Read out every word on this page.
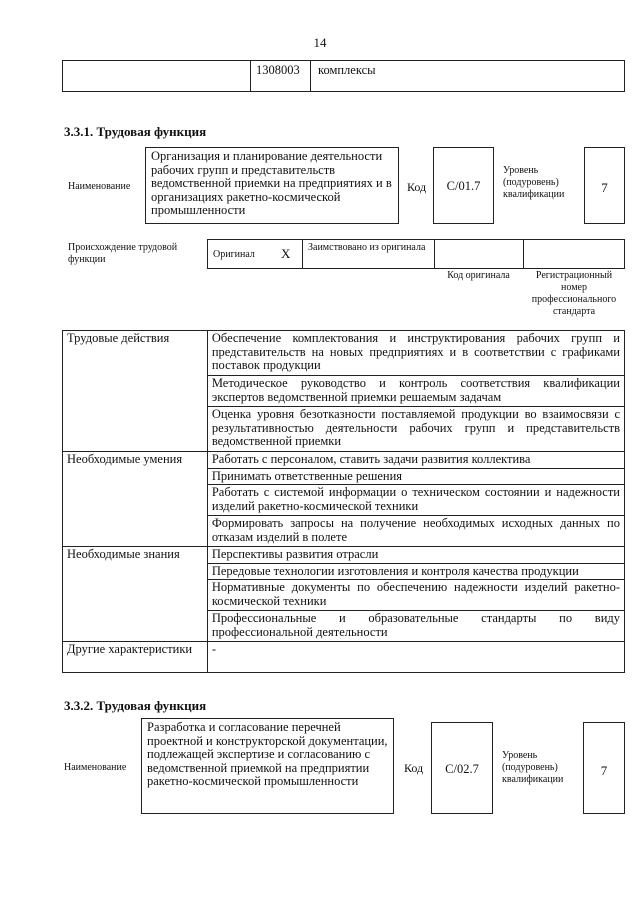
14
1308003 комплексы
3.3.1. Трудовая функция
Наименование
Организация и планирование деятельности рабочих групп и представительств ведомственной приемки на предприятиях и в организациях ракетно-космической промышленности
Код	C/01.7
Уровень (подуровень) квалификации	7
Происхождение трудовой функции	Оригинал X Заимствовано из оригинала
Код оригинала	Регистрационный номер профессионального стандарта
Трудовые действия	Обеспечение комплектования и инструктирования рабочих групп и представительств на новых предприятиях и в соответствии с графиками поставок продукции
	Методическое руководство и контроль соответствия квалификации экспертов ведомственной приемки решаемым задачам
	Оценка уровня безотказности поставляемой продукции во взаимосвязи с результативностью деятельности рабочих групп и представительств ведомственной приемки
Необходимые умения	Работать с персоналом, ставить задачи развития коллектива
	Принимать ответственные решения
	Работать с системой информации о техническом состоянии и надежности изделий ракетно-космической техники
	Формировать запросы на получение необходимых исходных данных по отказам изделий в полете
Необходимые знания	Перспективы развития отрасли
	Передовые технологии изготовления и контроля качества продукции
	Нормативные документы по обеспечению надежности изделий ракетно-космической техники
	Профессиональные и образовательные стандарты по виду профессиональной деятельности
Другие характеристики	-
3.3.2. Трудовая функция
Наименование
Разработка и согласование перечней проектной и конструкторской документации, подлежащей экспертизе и согласованию с ведомственной приемкой на предприятии ракетно-космической промышленности
Код	C/02.7
Уровень (подуровень) квалификации
7
